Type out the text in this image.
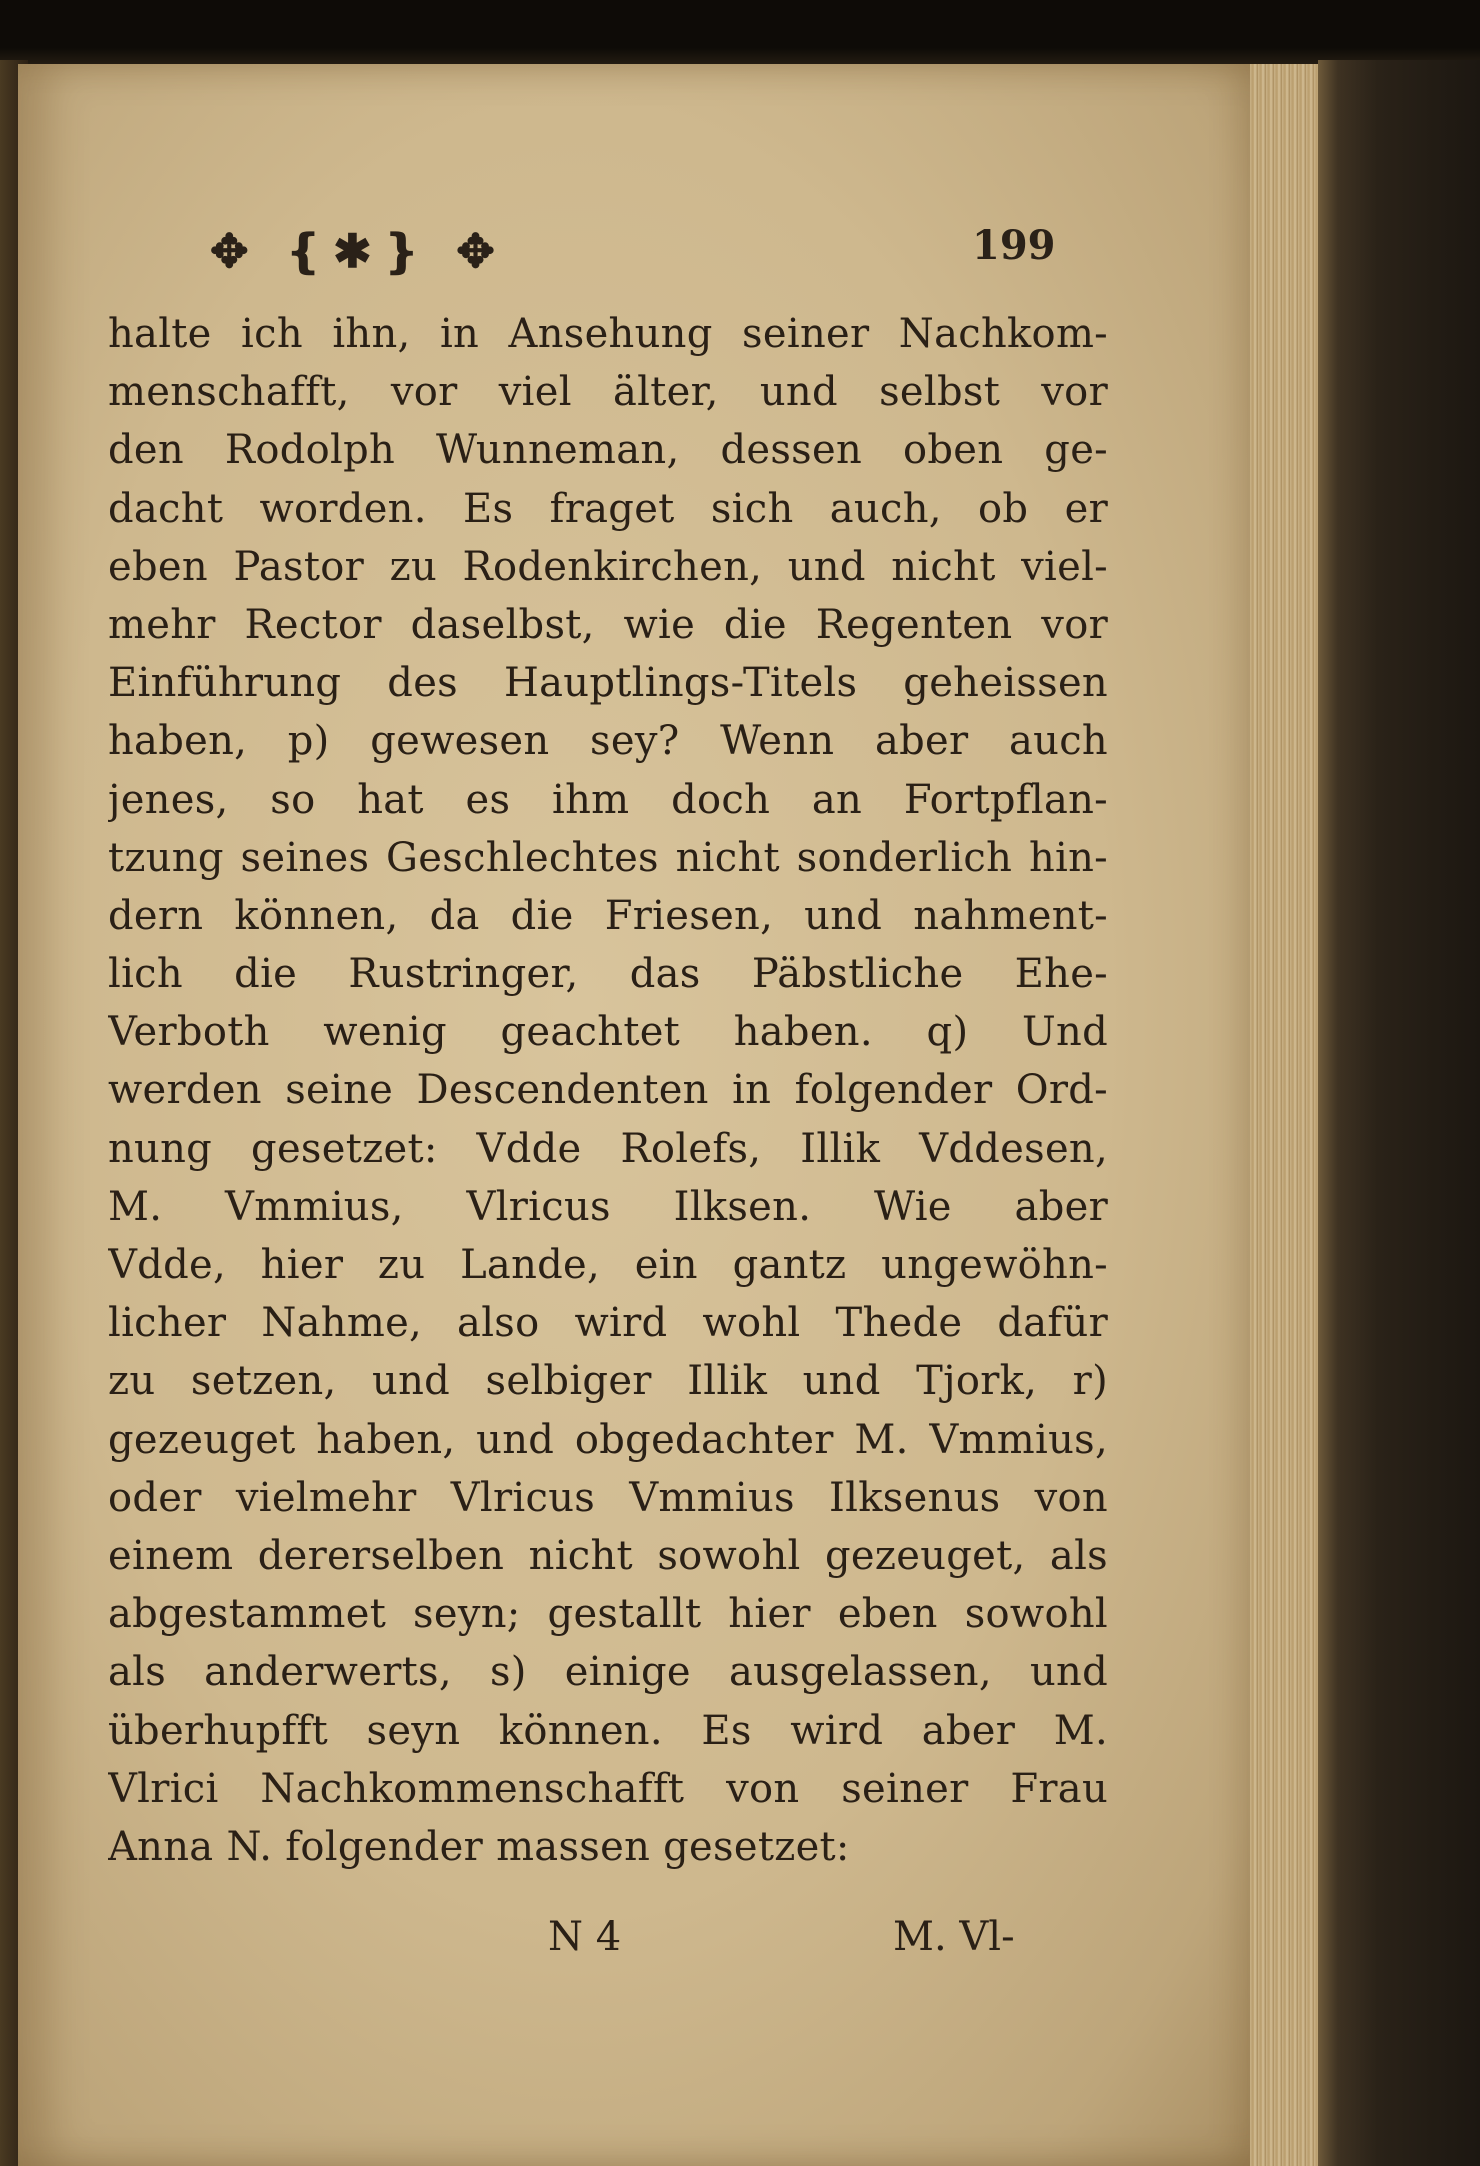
✥ ❴✱❵ ✥	199
halte ich ihn, in Ansehung seiner Nachkom-
menschafft, vor viel älter, und selbst vor
den Rodolph Wunneman, dessen oben ge-
dacht worden. Es fraget sich auch, ob er
eben Pastor zu Rodenkirchen, und nicht viel-
mehr Rector daselbst, wie die Regenten vor
Einführung des Hauptlings-Titels geheissen
haben, p) gewesen sey? Wenn aber auch
jenes, so hat es ihm doch an Fortpflan-
tzung seines Geschlechtes nicht sonderlich hin-
dern können, da die Friesen, und nahment-
lich die Rustringer, das Päbstliche Ehe-
Verboth wenig geachtet haben. q) Und
werden seine Descendenten in folgender Ord-
nung gesetzet: Vdde Rolefs, Illik Vddesen,
M. Vmmius, Vlricus Ilksen. Wie aber
Vdde, hier zu Lande, ein gantz ungewöhn-
licher Nahme, also wird wohl Thede dafür
zu setzen, und selbiger Illik und Tjork, r)
gezeuget haben, und obgedachter M. Vmmius,
oder vielmehr Vlricus Vmmius Ilksenus von
einem dererselben nicht sowohl gezeuget, als
abgestammet seyn; gestallt hier eben sowohl
als anderwerts, s) einige ausgelassen, und
überhupfft seyn können. Es wird aber M.
Vlrici Nachkommenschafft von seiner Frau
Anna N. folgender massen gesetzet:
N 4	M. Vl-
